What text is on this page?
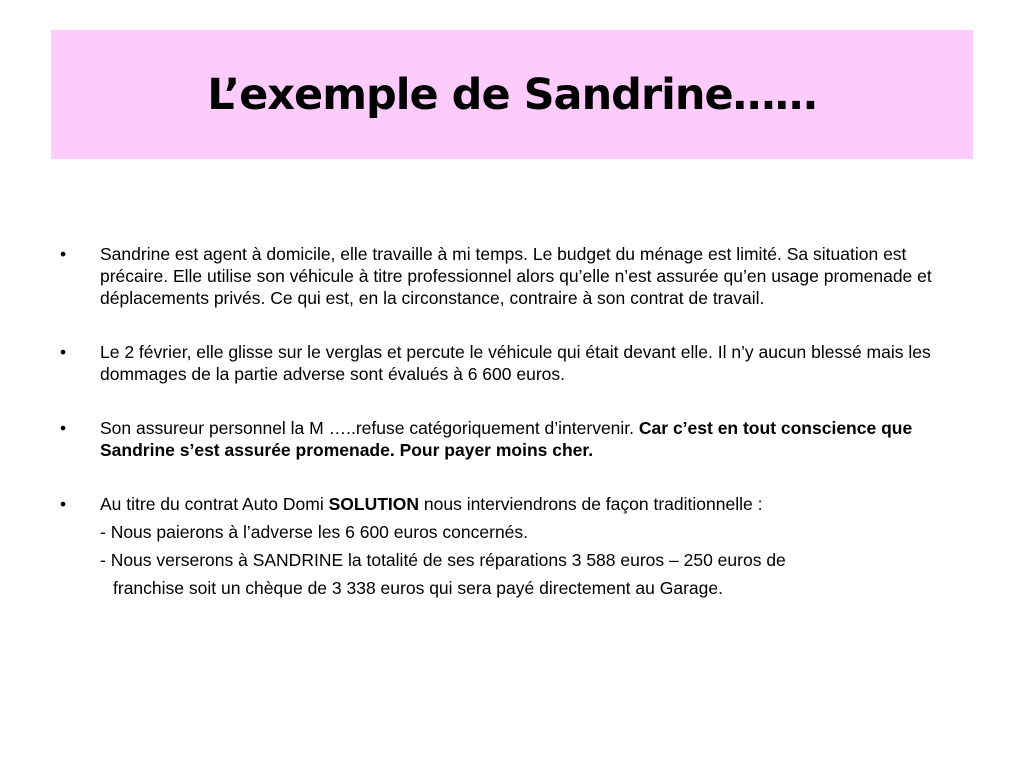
L’exemple de Sandrine……
•	Sandrine est agent à domicile, elle travaille à mi temps. Le budget du ménage est limité. Sa situation est précaire. Elle utilise son véhicule à titre professionnel alors qu’elle n’est assurée qu’en usage promenade et déplacements privés. Ce qui est, en la circonstance, contraire à son contrat de travail.
•	Le 2 février, elle glisse sur le verglas et percute le véhicule qui était devant elle. Il n’y aucun blessé mais les dommages de la partie adverse sont évalués à 6 600 euros.
•	Son assureur personnel la M …..refuse catégoriquement d’intervenir. Car c’est en tout conscience que Sandrine s’est assurée promenade. Pour payer moins cher.
•	Au titre du contrat Auto Domi SOLUTION nous interviendrons de façon traditionnelle :
- Nous paierons à l’adverse les 6 600 euros concernés.
- Nous verserons à SANDRINE la totalité de ses réparations 3 588 euros – 250 euros de
franchise soit un chèque de 3 338 euros qui sera payé directement au Garage.
